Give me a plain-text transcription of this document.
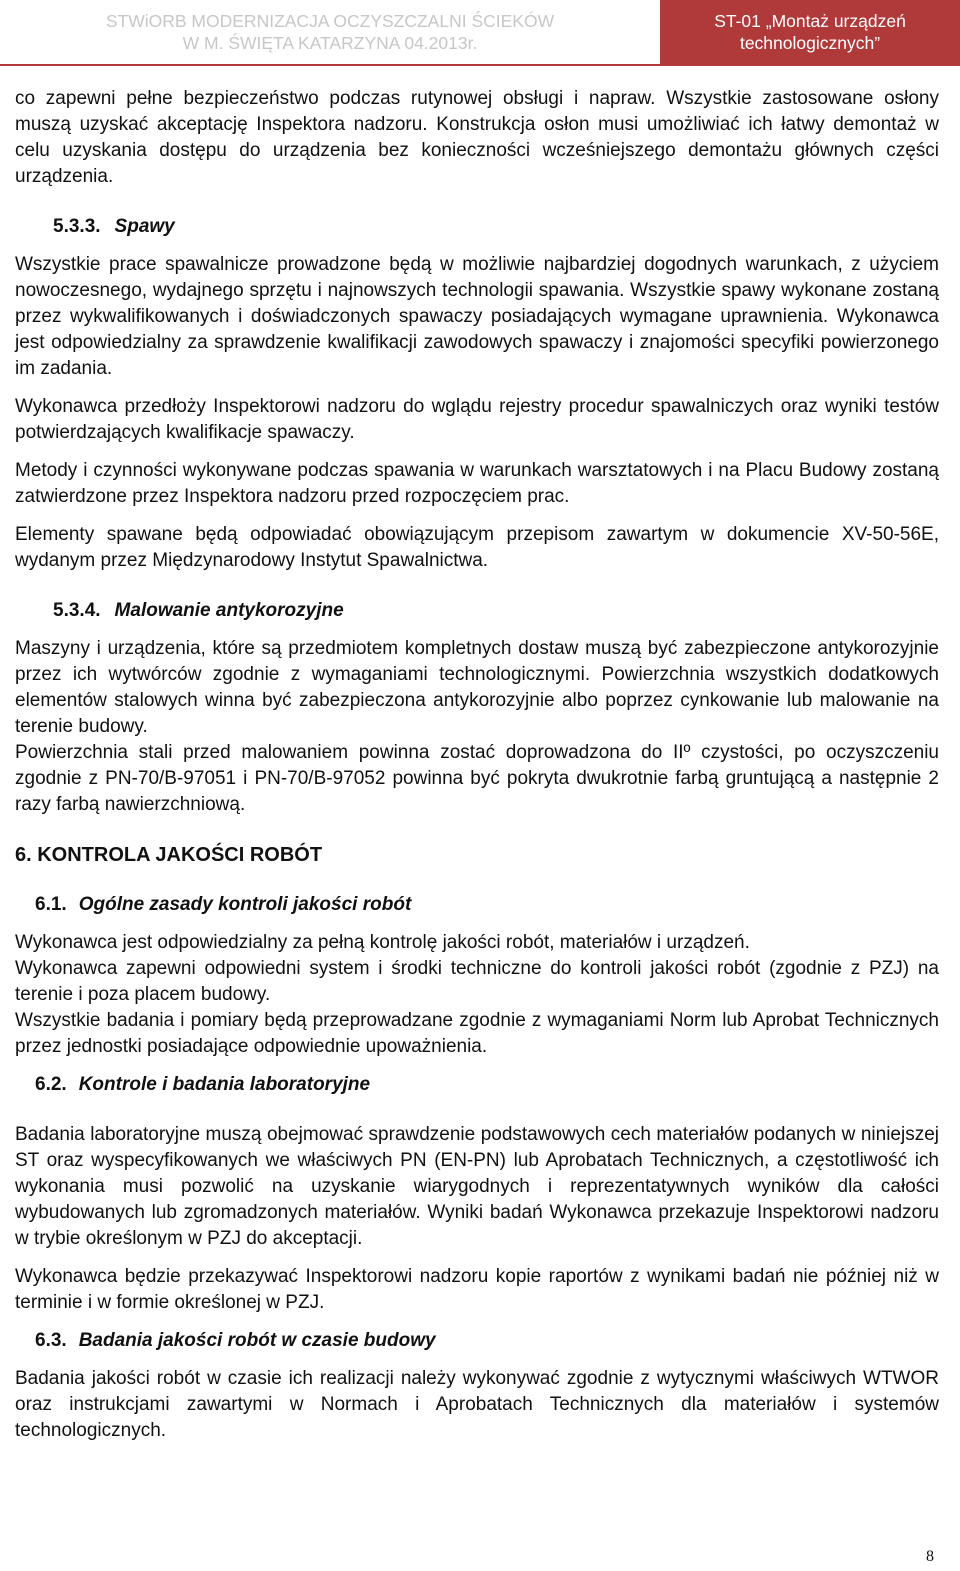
STWiORB MODERNIZACJA OCZYSZCZALNI ŚCIEKÓW
W M. ŚWIĘTA KATARZYNA 04.2013r.
ST-01 „Montaż urządzeń
technologicznych”

co zapewni pełne bezpieczeństwo podczas rutynowej obsługi i napraw. Wszystkie zastosowane osłony muszą uzyskać akceptację Inspektora nadzoru. Konstrukcja osłon musi umożliwiać ich łatwy demontaż w celu uzyskania dostępu do urządzenia bez konieczności wcześniejszego demontażu głównych części urządzenia.

5.3.3. Spawy

Wszystkie prace spawalnicze prowadzone będą w możliwie najbardziej dogodnych warunkach, z użyciem nowoczesnego, wydajnego sprzętu i najnowszych technologii spawania. Wszystkie spawy wykonane zostaną przez wykwalifikowanych i doświadczonych spawaczy posiadających wymagane uprawnienia. Wykonawca jest odpowiedzialny za sprawdzenie kwalifikacji zawodowych spawaczy i znajomości specyfiki powierzonego im zadania.

Wykonawca przedłoży Inspektorowi nadzoru do wglądu rejestry procedur spawalniczych oraz wyniki testów potwierdzających kwalifikacje spawaczy.

Metody i czynności wykonywane podczas spawania w warunkach warsztatowych i na Placu Budowy zostaną zatwierdzone przez Inspektora nadzoru przed rozpoczęciem prac.

Elementy spawane będą odpowiadać obowiązującym przepisom zawartym w dokumencie XV-50-56E, wydanym przez Międzynarodowy Instytut Spawalnictwa.

5.3.4. Malowanie antykorozyjne

Maszyny i urządzenia, które są przedmiotem kompletnych dostaw muszą być zabezpieczone antykorozyjnie przez ich wytwórców zgodnie z wymaganiami technologicznymi. Powierzchnia wszystkich dodatkowych elementów stalowych winna być zabezpieczona antykorozyjnie albo poprzez cynkowanie lub malowanie na terenie budowy.

Powierzchnia stali przed malowaniem powinna zostać doprowadzona do IIº czystości, po oczyszczeniu zgodnie z PN-70/B-97051 i PN-70/B-97052 powinna być pokryta dwukrotnie farbą gruntującą a następnie 2 razy farbą nawierzchniową.

6. KONTROLA JAKOŚCI ROBÓT
6.1. Ogólne zasady kontroli jakości robót

Wykonawca jest odpowiedzialny za pełną kontrolę jakości robót, materiałów i urządzeń.

Wykonawca zapewni odpowiedni system i środki techniczne do kontroli jakości robót (zgodnie z PZJ) na terenie i poza placem budowy.

Wszystkie badania i pomiary będą przeprowadzane zgodnie z wymaganiami Norm lub Aprobat Technicznych przez jednostki posiadające odpowiednie upoważnienia.

6.2. Kontrole i badania laboratoryjne

Badania laboratoryjne muszą obejmować sprawdzenie podstawowych cech materiałów podanych w niniejszej ST oraz wyspecyfikowanych we właściwych PN (EN-PN) lub Aprobatach Technicznych, a częstotliwość ich wykonania musi pozwolić na uzyskanie wiarygodnych i reprezentatywnych wyników dla całości wybudowanych lub zgromadzonych materiałów. Wyniki badań Wykonawca przekazuje Inspektorowi nadzoru w trybie określonym w PZJ do akceptacji.

Wykonawca będzie przekazywać Inspektorowi nadzoru kopie raportów z wynikami badań nie później niż w terminie i w formie określonej w PZJ.

6.3. Badania jakości robót w czasie budowy

Badania jakości robót w czasie ich realizacji należy wykonywać zgodnie z wytycznymi właściwych WTWOR oraz instrukcjami zawartymi w Normach i Aprobatach Technicznych dla materiałów i systemów technologicznych.

8
